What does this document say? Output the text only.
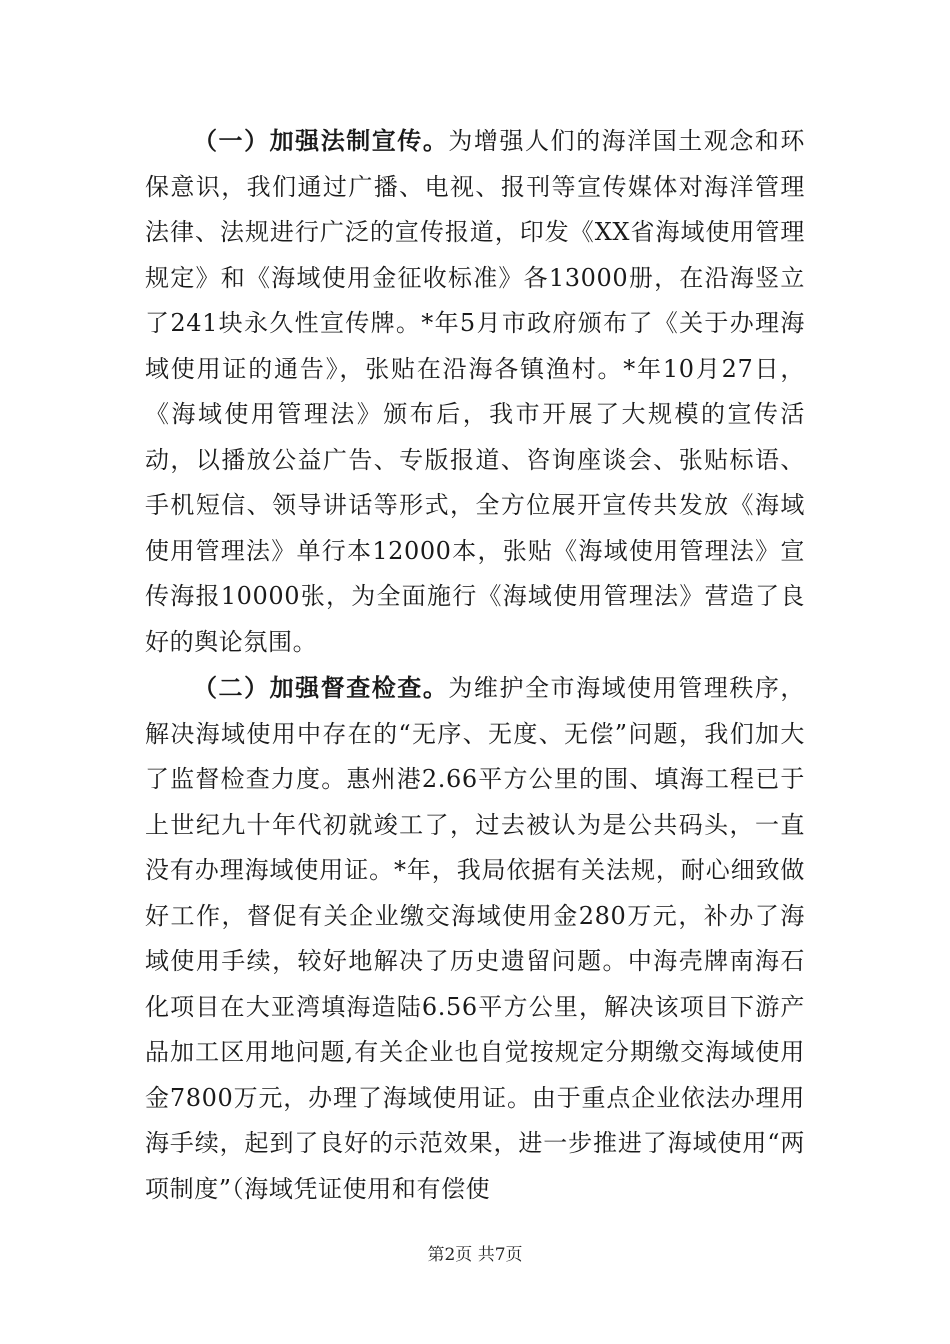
（一）加强法制宣传。为增强人们的海洋国土观念和环保意识，我们通过广播、电视、报刊等宣传媒体对海洋管理法律、法规进行广泛的宣传报道，印发《XX省海域使用管理规定》和《海域使用金征收标准》各13000册，在沿海竖立了241块永久性宣传牌。*年5月市政府颁布了《关于办理海域使用证的通告》，张贴在沿海各镇渔村。*年10月27日，《海域使用管理法》颁布后，我市开展了大规模的宣传活动，以播放公益广告、专版报道、咨询座谈会、张贴标语、手机短信、领导讲话等形式，全方位展开宣传共发放《海域使用管理法》单行本12000本，张贴《海域使用管理法》宣传海报10000张，为全面施行《海域使用管理法》营造了良好的舆论氛围。

（二）加强督查检查。为维护全市海域使用管理秩序，解决海域使用中存在的“无序、无度、无偿”问题，我们加大了监督检查力度。惠州港2.66平方公里的围、填海工程已于上世纪九十年代初就竣工了，过去被认为是公共码头，一直没有办理海域使用证。*年，我局依据有关法规，耐心细致做好工作，督促有关企业缴交海域使用金280万元，补办了海域使用手续，较好地解决了历史遗留问题。中海壳牌南海石化项目在大亚湾填海造陆6.56平方公里，解决该项目下游产品加工区用地问题,有关企业也自觉按规定分期缴交海域使用金7800万元，办理了海域使用证。由于重点企业依法办理用海手续，起到了良好的示范效果，进一步推进了海域使用“两项制度”（海域凭证使用和有偿使

第2页 共7页
